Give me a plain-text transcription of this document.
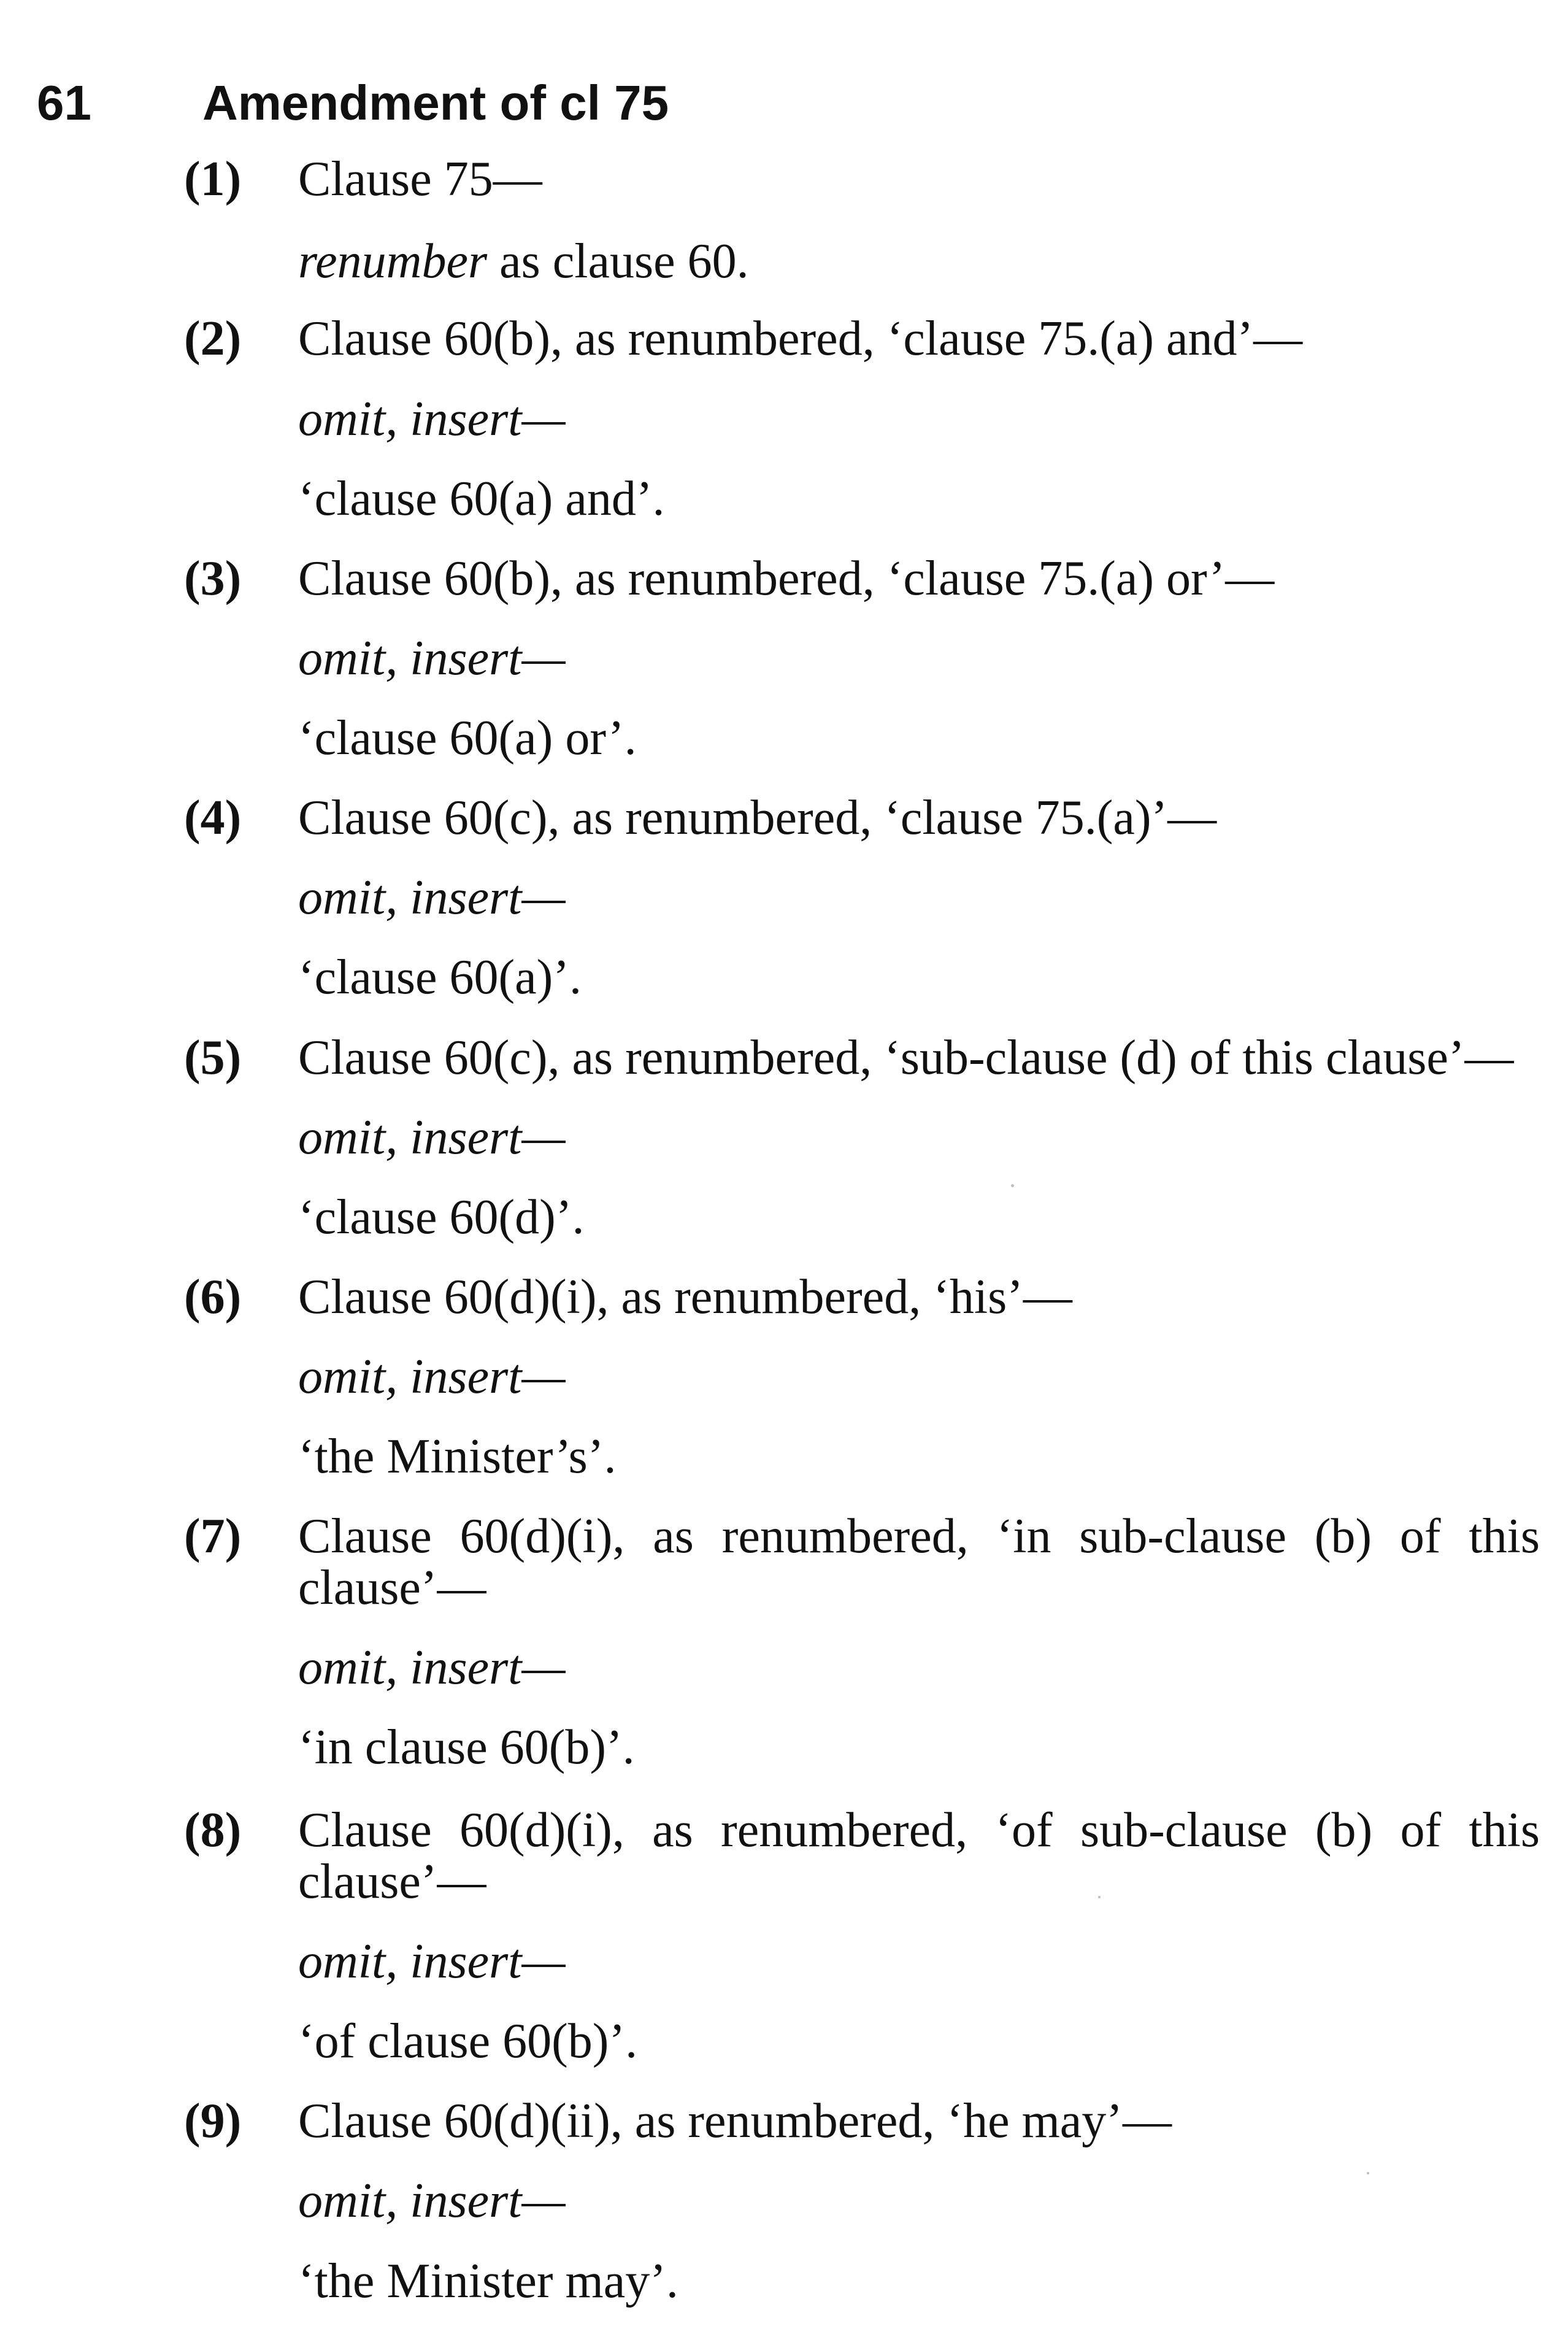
61 Amendment of cl 75
(1) Clause 75—
renumber as clause 60.
(2) Clause 60(b), as renumbered, ‘clause 75.(a) and’—
omit, insert—
‘clause 60(a) and’.
(3) Clause 60(b), as renumbered, ‘clause 75.(a) or’—
omit, insert—
‘clause 60(a) or’.
(4) Clause 60(c), as renumbered, ‘clause 75.(a)’—
omit, insert—
‘clause 60(a)’.
(5) Clause 60(c), as renumbered, ‘sub-clause (d) of this clause’—
omit, insert—
‘clause 60(d)’.
(6) Clause 60(d)(i), as renumbered, ‘his’—
omit, insert—
‘the Minister’s’.
(7) Clause 60(d)(i), as renumbered, ‘in sub-clause (b) of this
clause’—
omit, insert—
‘in clause 60(b)’.
(8) Clause 60(d)(i), as renumbered, ‘of sub-clause (b) of this
clause’—
omit, insert—
‘of clause 60(b)’.
(9) Clause 60(d)(ii), as renumbered, ‘he may’—
omit, insert—
‘the Minister may’.
